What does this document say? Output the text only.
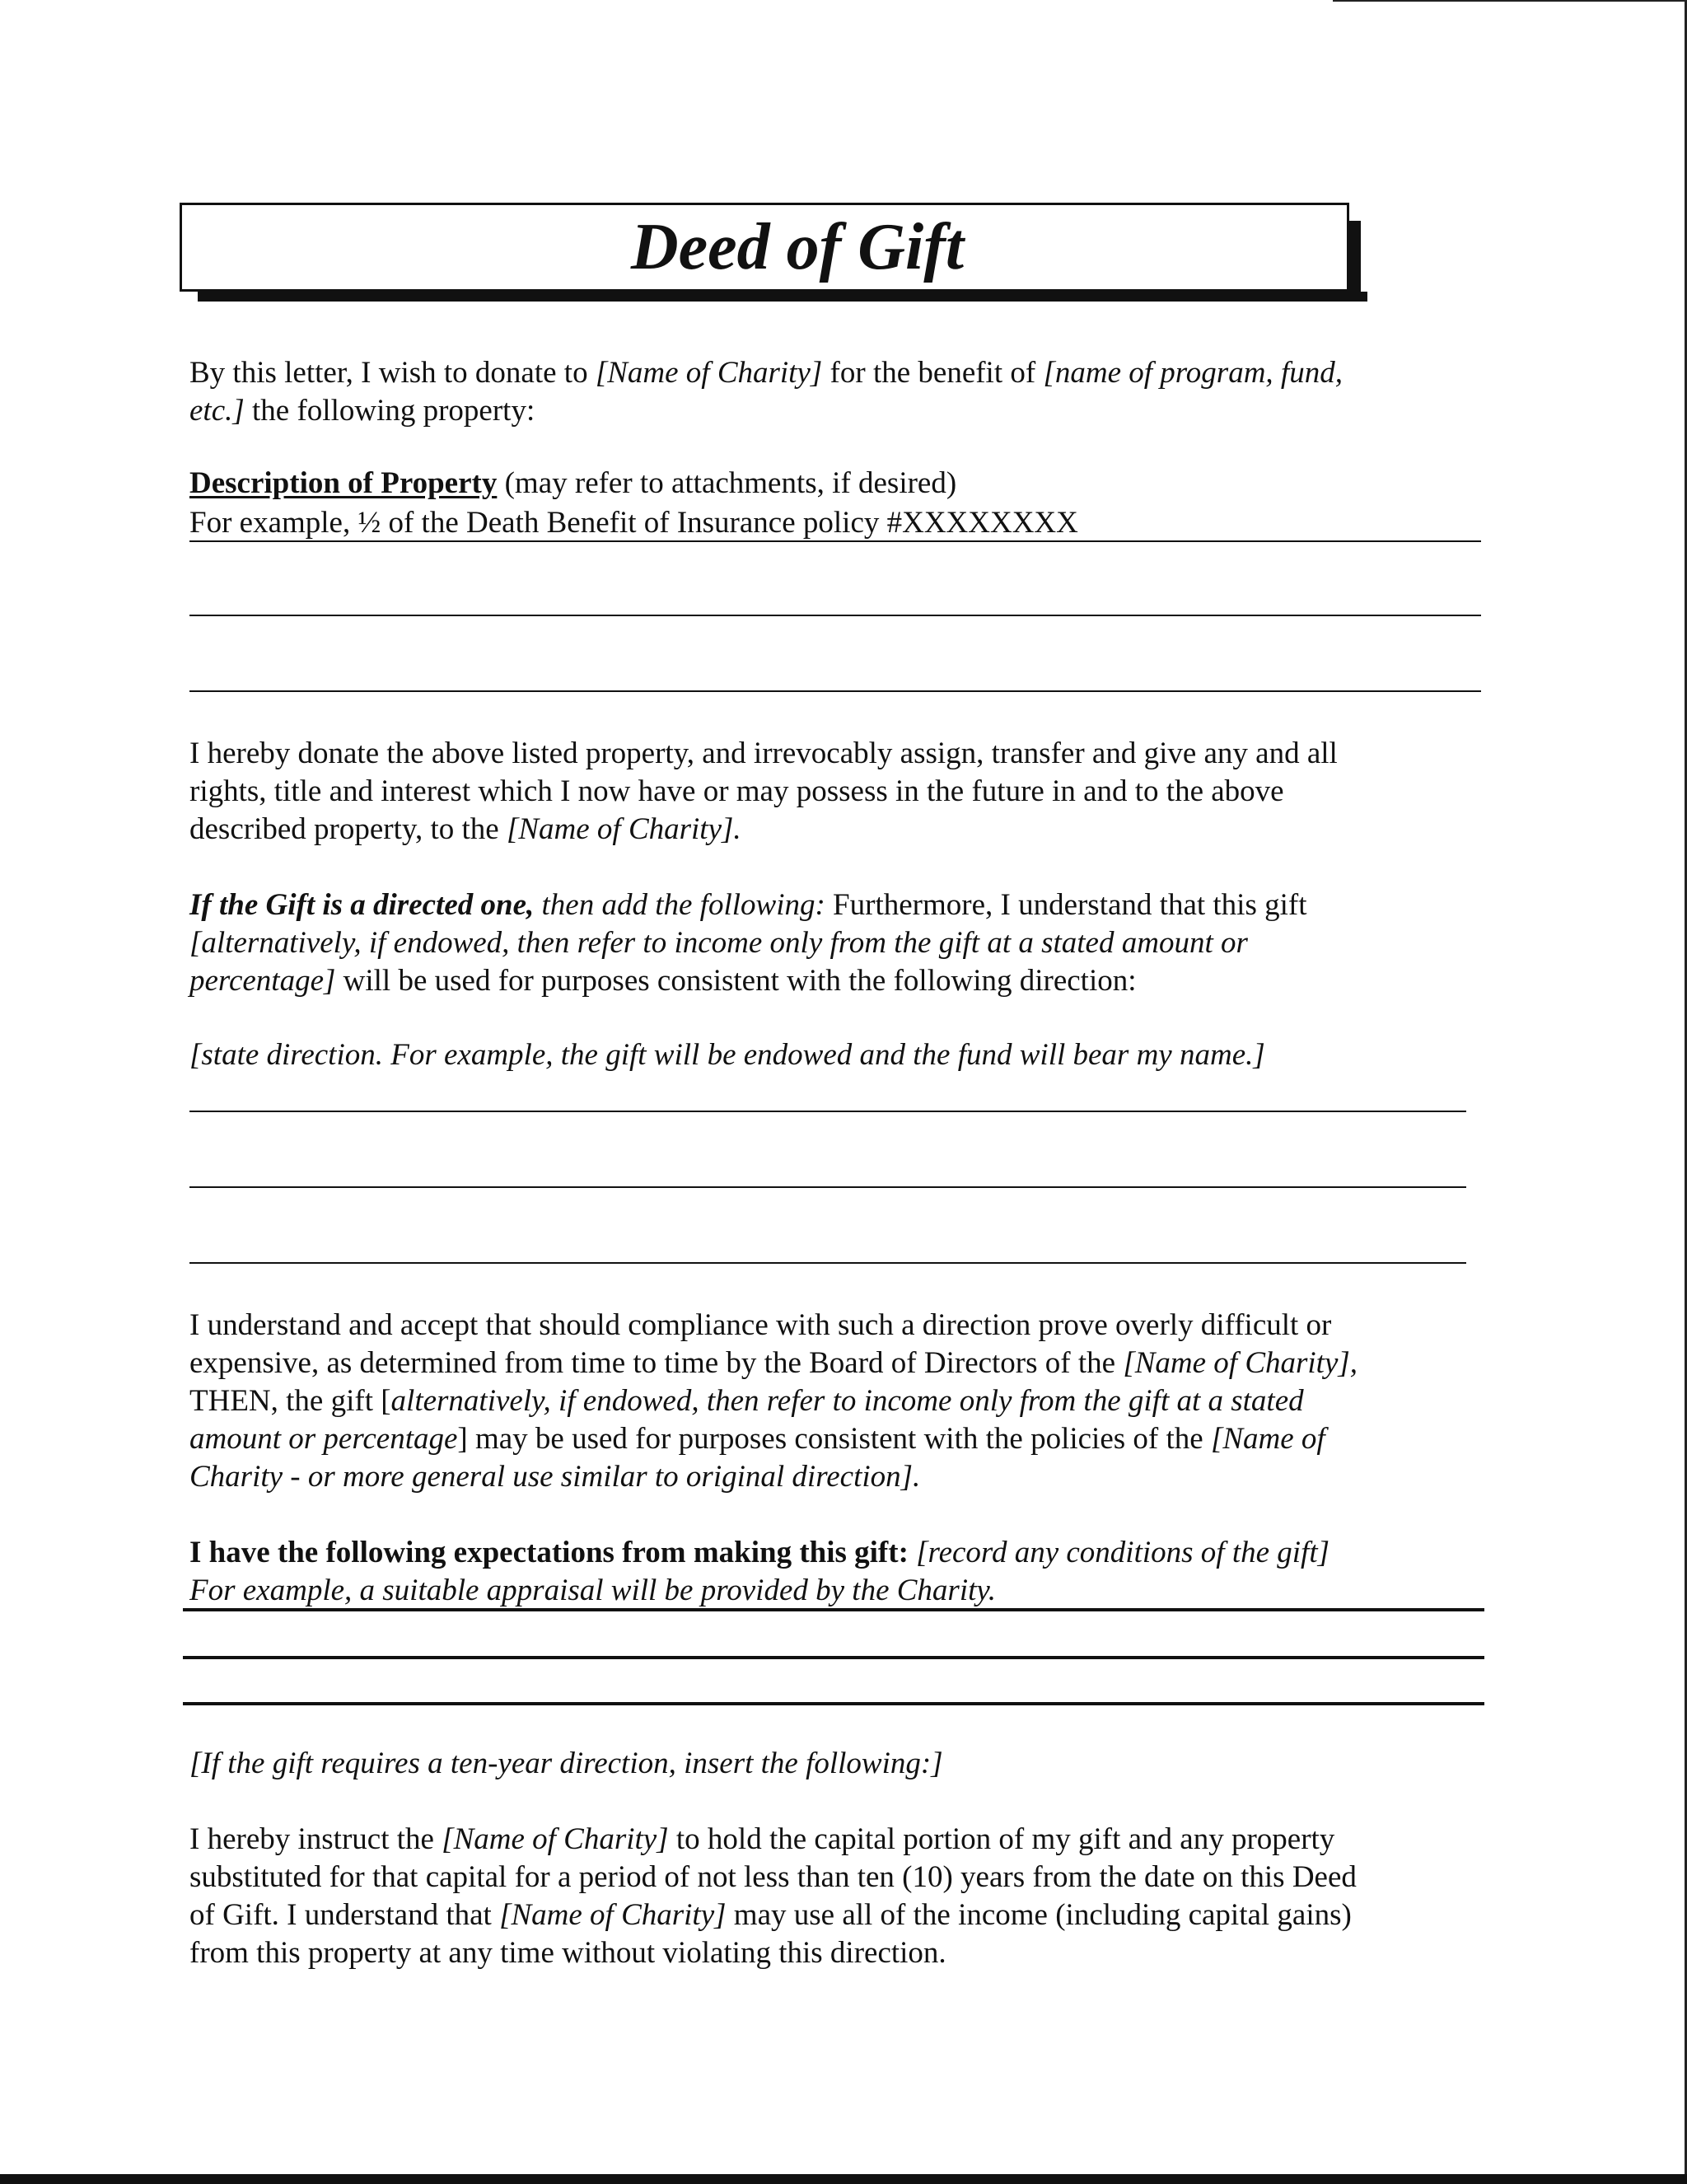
Deed of Gift
By this letter, I wish to donate to [Name of Charity] for the benefit of [name of program, fund,
etc.] the following property:
Description of Property (may refer to attachments, if desired)
For example, ½ of the Death Benefit of Insurance policy #XXXXXXXX
I hereby donate the above listed property, and irrevocably assign, transfer and give any and all
rights, title and interest which I now have or may possess in the future in and to the above
described property, to the [Name of Charity].
If the Gift is a directed one, then add the following: Furthermore, I understand that this gift
[alternatively, if endowed, then refer to income only from the gift at a stated amount or
percentage] will be used for purposes consistent with the following direction:
[state direction. For example, the gift will be endowed and the fund will bear my name.]
I understand and accept that should compliance with such a direction prove overly difficult or
expensive, as determined from time to time by the Board of Directors of the [Name of Charity],
THEN, the gift [alternatively, if endowed, then refer to income only from the gift at a stated
amount or percentage] may be used for purposes consistent with the policies of the [Name of
Charity - or more general use similar to original direction].
I have the following expectations from making this gift: [record any conditions of the gift]
For example, a suitable appraisal will be provided by the Charity.
[If the gift requires a ten-year direction, insert the following:]
I hereby instruct the [Name of Charity] to hold the capital portion of my gift and any property
substituted for that capital for a period of not less than ten (10) years from the date on this Deed
of Gift. I understand that [Name of Charity] may use all of the income (including capital gains)
from this property at any time without violating this direction.
